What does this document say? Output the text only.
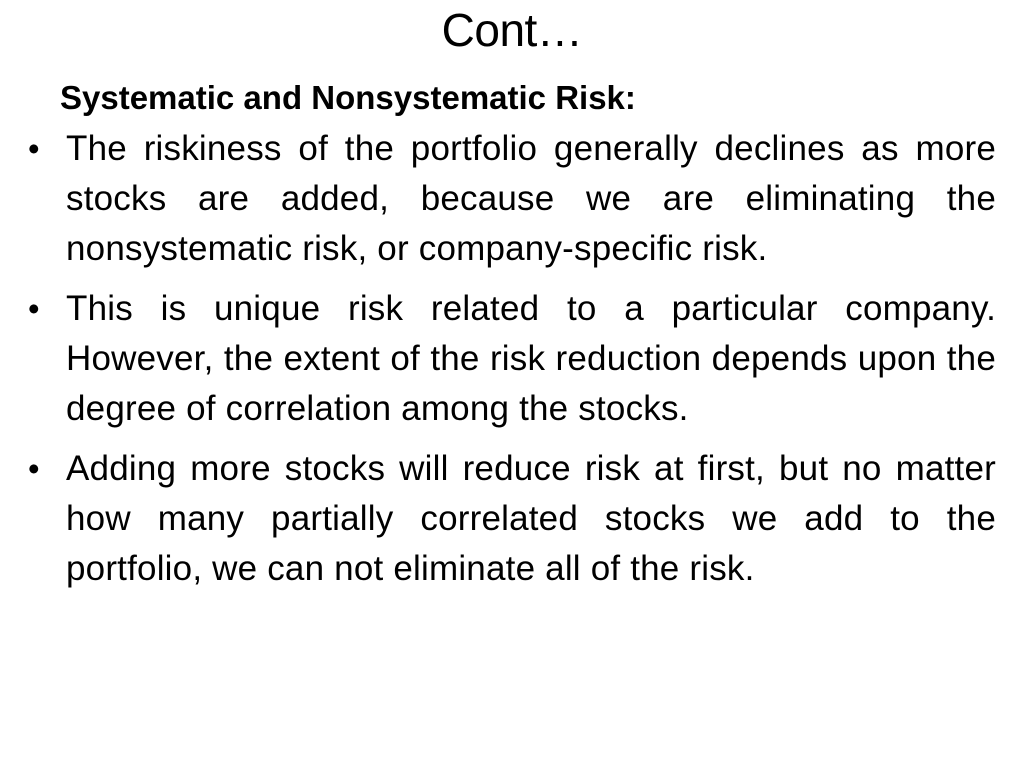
Cont…

Systematic and Nonsystematic Risk:

• The riskiness of the portfolio generally declines as more stocks are added, because we are eliminating the nonsystematic risk, or company-specific risk.
• This is unique risk related to a particular company. However, the extent of the risk reduction depends upon the degree of correlation among the stocks.
• Adding more stocks will reduce risk at first, but no matter how many partially correlated stocks we add to the portfolio, we can not eliminate all of the risk.
